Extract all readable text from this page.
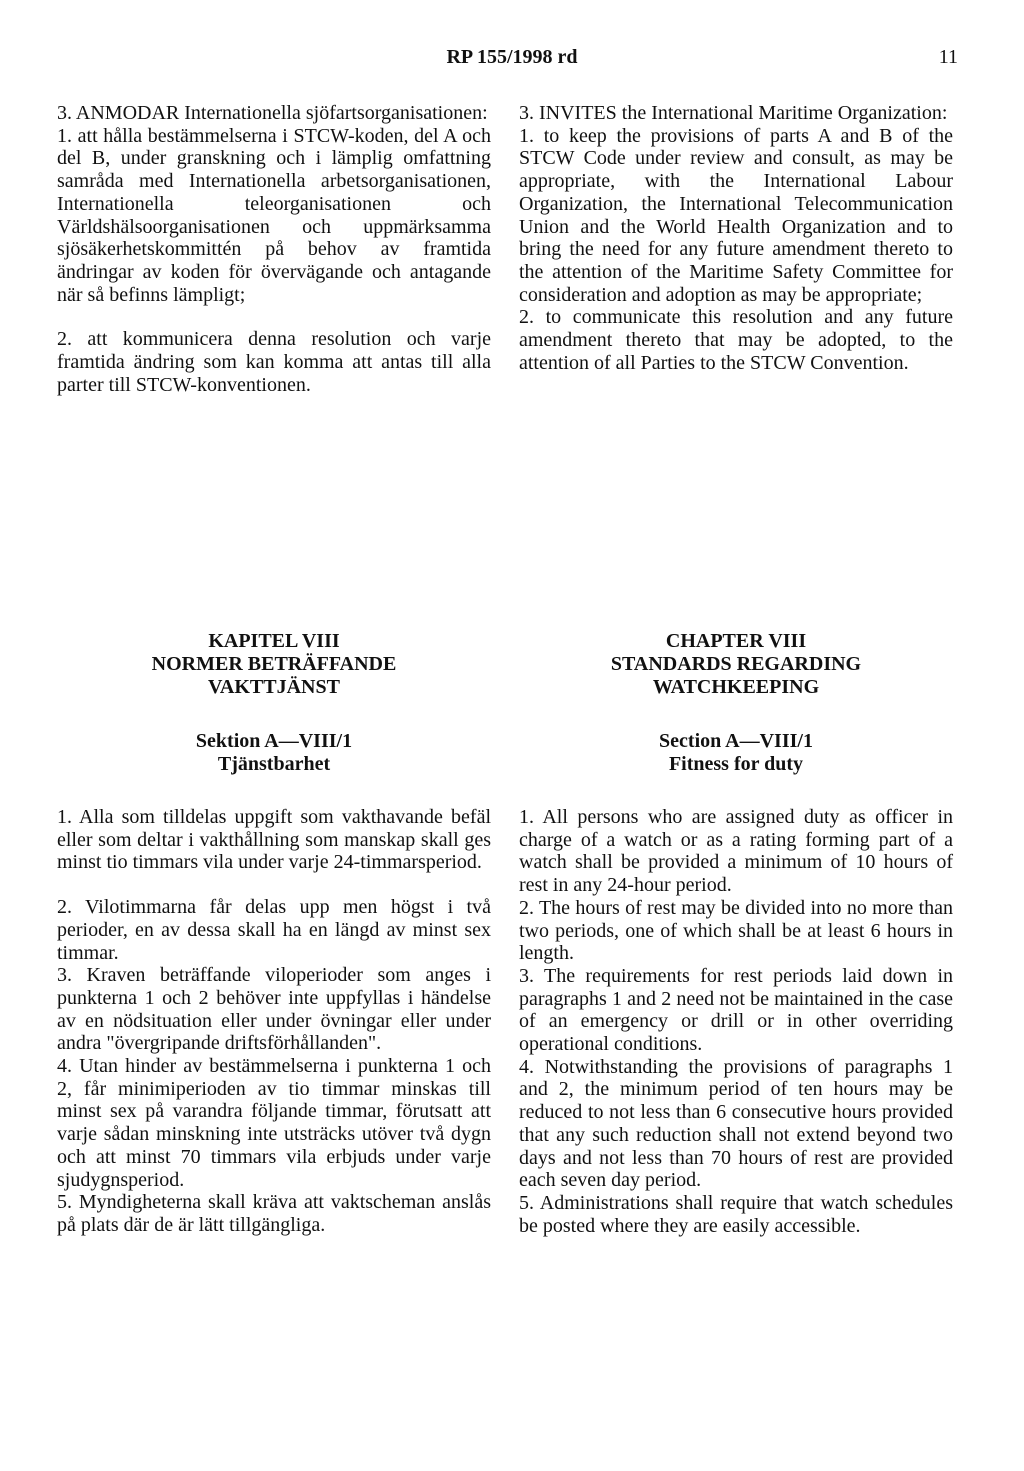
RP 155/1998 rd	11

3. ANMODAR Internationella sjöfartsorganisationen:

1. att hålla bestämmelserna i STCW-koden, del A och del B, under granskning och i lämplig omfattning samråda med Internationella arbetsorganisationen, Internationella teleorganisationen och Världshälsoorganisationen och uppmärksamma sjösäkerhetskommittén på behov av framtida ändringar av koden för övervägande och antagande när så befinns lämpligt;

2. att kommunicera denna resolution och varje framtida ändring som kan komma att antas till alla parter till STCW-konventionen.

3. INVITES the International Maritime Organization:

1. to keep the provisions of parts A and B of the STCW Code under review and consult, as may be appropriate, with the International Labour Organization, the International Telecommunication Union and the World Health Organization and to bring the need for any future amendment thereto to the attention of the Maritime Safety Committee for consideration and adoption as may be appropriate;

2. to communicate this resolution and any future amendment thereto that may be adopted, to the attention of all Parties to the STCW Convention.

KAPITEL VIII

NORMER BETRÄFFANDE

VAKTTJÄNST

Sektion A—VIII/1

Tjänstbarhet

1. Alla som tilldelas uppgift som vakthavande befäl eller som deltar i vakthållning som manskap skall ges minst tio timmars vila under varje 24-timmarsperiod.

2. Vilotimmarna får delas upp men högst i två perioder, en av dessa skall ha en längd av minst sex timmar.

3. Kraven beträffande viloperioder som anges i punkterna 1 och 2 behöver inte uppfyllas i händelse av en nödsituation eller under övningar eller under andra "övergripande driftsförhållanden".

4. Utan hinder av bestämmelserna i punkterna 1 och 2, får minimiperioden av tio timmar minskas till minst sex på varandra följande timmar, förutsatt att varje sådan minskning inte utsträcks utöver två dygn och att minst 70 timmars vila erbjuds under varje sjudygnsperiod.

5. Myndigheterna skall kräva att vaktscheman anslås på plats där de är lätt tillgängliga.

CHAPTER VIII

STANDARDS REGARDING

WATCHKEEPING

Section A—VIII/1

Fitness for duty

1. All persons who are assigned duty as officer in charge of a watch or as a rating forming part of a watch shall be provided a minimum of 10 hours of rest in any 24-hour period.

2. The hours of rest may be divided into no more than two periods, one of which shall be at least 6 hours in length.

3. The requirements for rest periods laid down in paragraphs 1 and 2 need not be maintained in the case of an emergency or drill or in other overriding operational conditions.

4. Notwithstanding the provisions of paragraphs 1 and 2, the minimum period of ten hours may be reduced to not less than 6 consecutive hours provided that any such reduction shall not extend beyond two days and not less than 70 hours of rest are provided each seven day period.

5. Administrations shall require that watch schedules be posted where they are easily accessible.
